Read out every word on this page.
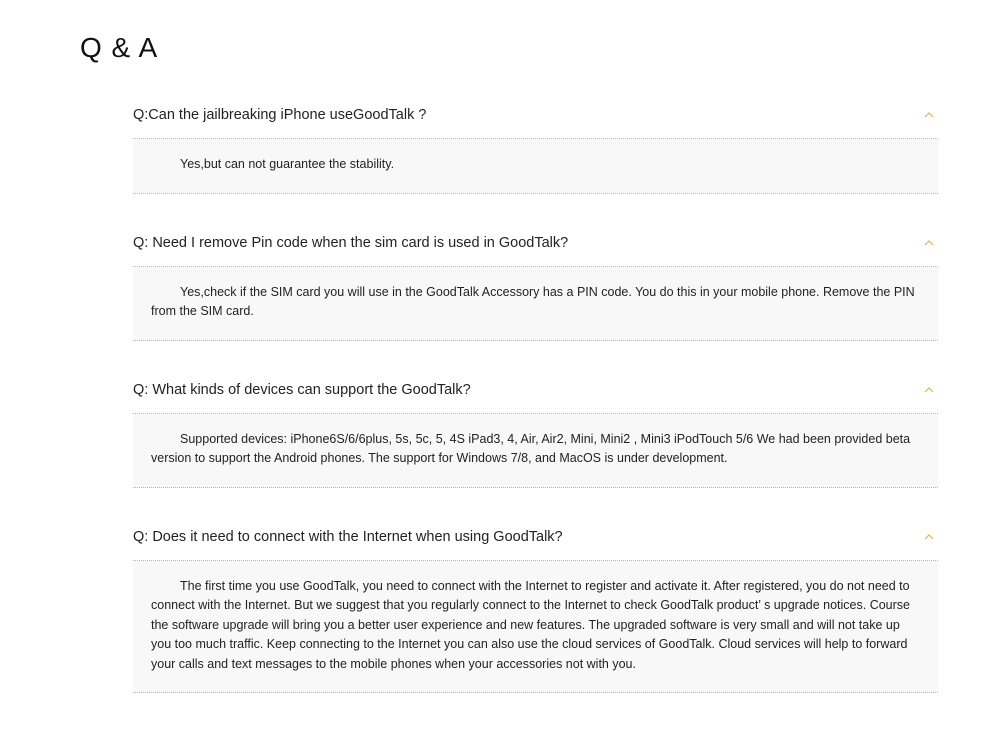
Q & A
Q:Can the jailbreaking iPhone useGoodTalk ?

Yes,but can not guarantee the stability.

Q: Need I remove Pin code when the sim card is used in GoodTalk?

Yes,check if the SIM card you will use in the GoodTalk Accessory has a PIN code. You do this in your mobile phone. Remove the PIN from the SIM card.

Q: What kinds of devices can support the GoodTalk?

Supported devices: iPhone6S/6/6plus, 5s, 5c, 5, 4S iPad3, 4, Air, Air2, Mini, Mini2 , Mini3 iPodTouch 5/6 We had been provided beta version to support the Android phones. The support for Windows 7/8, and MacOS is under development.

Q: Does it need to connect with the Internet when using GoodTalk?

The first time you use GoodTalk, you need to connect with the Internet to register and activate it. After registered, you do not need to connect with the Internet. But we suggest that you regularly connect to the Internet to check GoodTalk product’ s upgrade notices. Course the software upgrade will bring you a better user experience and new features. The upgraded software is very small and will not take up you too much traffic. Keep connecting to the Internet you can also use the cloud services of GoodTalk. Cloud services will help to forward your calls and text messages to the mobile phones when your accessories not with you.
